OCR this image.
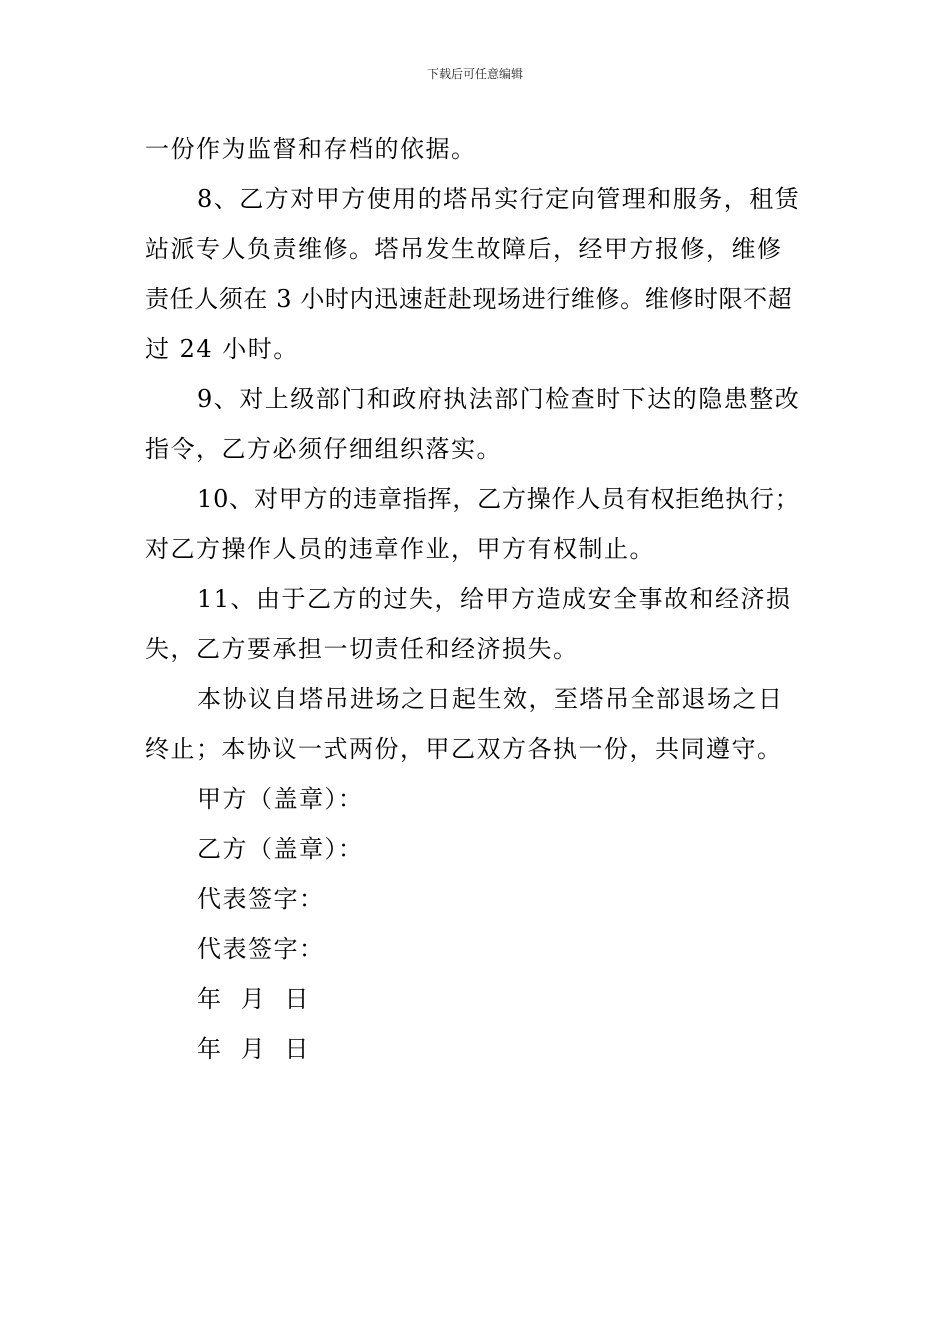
下载后可任意编辑
一份作为监督和存档的依据。
8、乙方对甲方使用的塔吊实行定向管理和服务，租赁
站派专人负责维修。塔吊发生故障后，经甲方报修，维修
责任人须在 3 小时内迅速赶赴现场进行维修。维修时限不超
过 24 小时。
9、对上级部门和政府执法部门检查时下达的隐患整改
指令，乙方必须仔细组织落实。
10、对甲方的违章指挥，乙方操作人员有权拒绝执行；
对乙方操作人员的违章作业，甲方有权制止。
11、由于乙方的过失，给甲方造成安全事故和经济损
失，乙方要承担一切责任和经济损失。
本协议自塔吊进场之日起生效，至塔吊全部退场之日
终止；本协议一式两份，甲乙双方各执一份，共同遵守。
甲方（盖章）：
乙方（盖章）：
代表签字：
代表签字：
年  月  日
年  月  日
